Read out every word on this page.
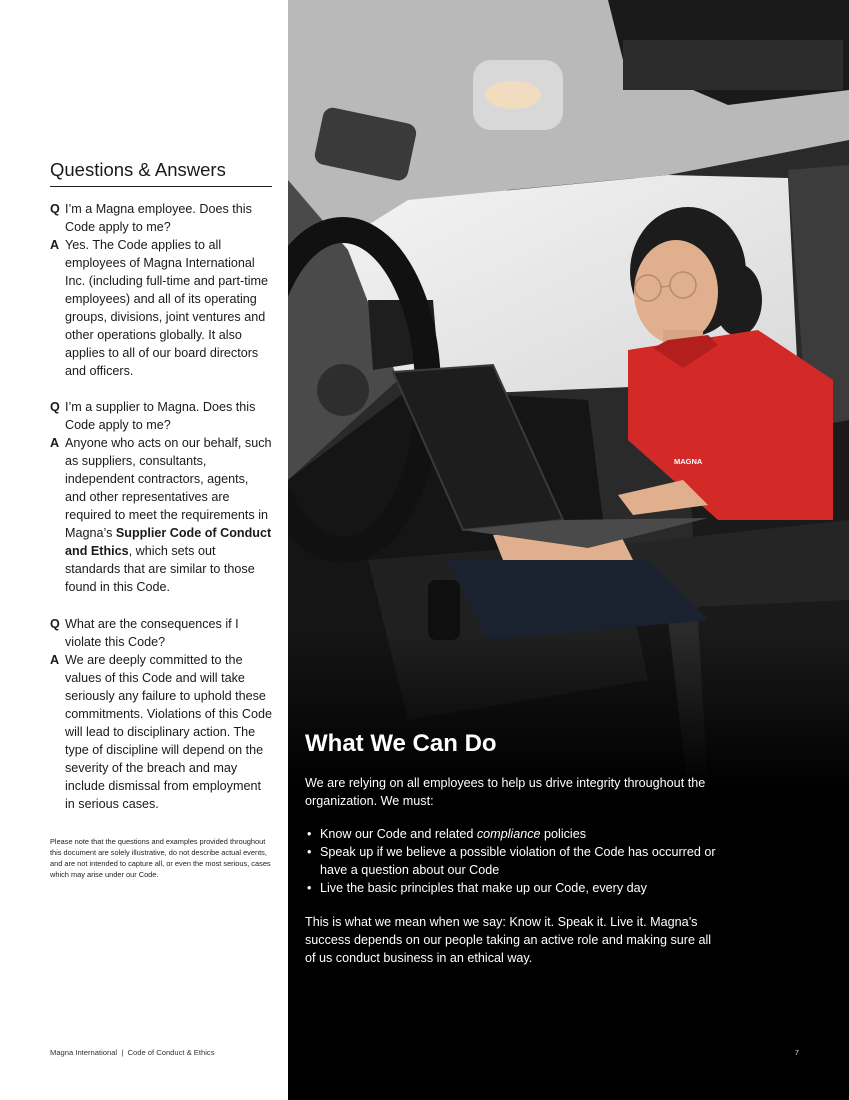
Questions & Answers
Q I’m a Magna employee. Does this Code apply to me?
A Yes. The Code applies to all employees of Magna International Inc. (including full-time and part-time employees) and all of its operating groups, divisions, joint ventures and other operations globally. It also applies to all of our board directors and officers.
Q I’m a supplier to Magna. Does this Code apply to me?
A Anyone who acts on our behalf, such as suppliers, consultants, independent contractors, agents, and other representatives are required to meet the requirements in Magna’s Supplier Code of Conduct and Ethics, which sets out standards that are similar to those found in this Code.
Q What are the consequences if I violate this Code?
A We are deeply committed to the values of this Code and will take seriously any failure to uphold these commitments. Violations of this Code will lead to disciplinary action. The type of discipline will depend on the severity of the breach and may include dismissal from employment in serious cases.

Please note that the questions and examples provided throughout this document are solely illustrative, do not describe actual events, and are not intended to capture all, or even the most serious, cases which may arise under our Code.

Magna International  |  Code of Conduct & Ethics
What We Can Do

We are relying on all employees to help us drive integrity throughout the organization. We must:

• Know our Code and related compliance policies
• Speak up if we believe a possible violation of the Code has occurred or have a question about our Code
• Live the basic principles that make up our Code, every day

This is what we mean when we say: Know it. Speak it. Live it. Magna’s success depends on our people taking an active role and making sure all of us conduct business in an ethical way.

7
